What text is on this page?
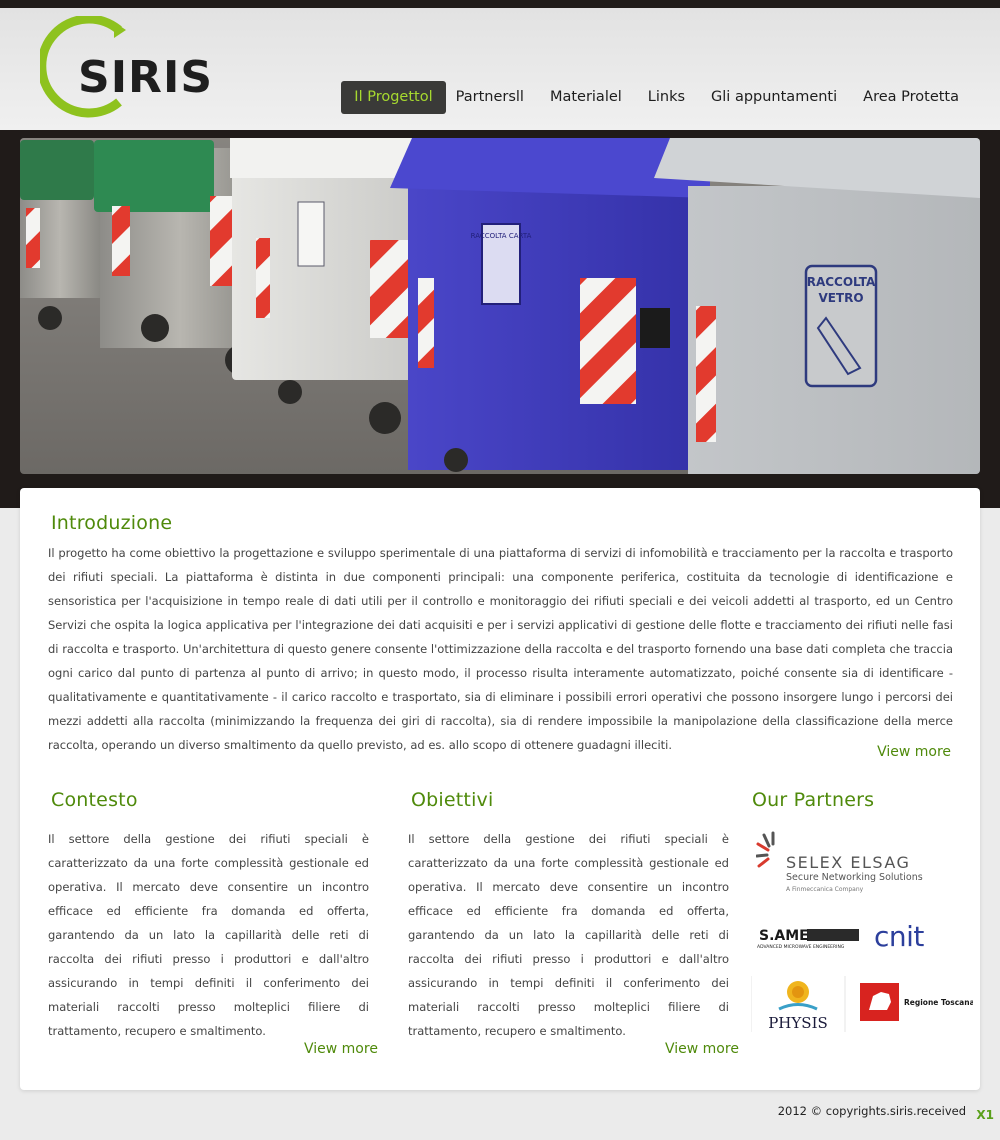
SIRIS	Il Progettol	Partnersll	Materialel	Links	Gli appuntamenti	Area Protetta
RACCOLTA CARTA
RACCOLTA
VETRO
Introduzione

Il progetto ha come obiettivo la progettazione e sviluppo sperimentale di una piattaforma di servizi di infomobilità e tracciamento per la raccolta e trasporto dei rifiuti speciali. La piattaforma è distinta in due componenti principali: una componente periferica, costituita da tecnologie di identificazione e sensoristica per l'acquisizione in tempo reale di dati utili per il controllo e monitoraggio dei rifiuti speciali e dei veicoli addetti al trasporto, ed un Centro Servizi che ospita la logica applicativa per l'integrazione dei dati acquisiti e per i servizi applicativi di gestione delle flotte e tracciamento dei rifiuti nelle fasi di raccolta e trasporto. Un'architettura di questo genere consente l'ottimizzazione della raccolta e del trasporto fornendo una base dati completa che traccia ogni carico dal punto di partenza al punto di arrivo; in questo modo, il processo risulta interamente automatizzato, poiché consente sia di identificare - qualitativamente e quantitativamente - il carico raccolto e trasportato, sia di eliminare i possibili errori operativi che possono insorgere lungo i percorsi dei mezzi addetti alla raccolta (minimizzando la frequenza dei giri di raccolta), sia di rendere impossibile la manipolazione della classificazione della merce raccolta, operando un diverso smaltimento da quello previsto, ad es. allo scopo di ottenere guadagni illeciti.	View more
Contesto

Il settore della gestione dei rifiuti speciali è caratterizzato da una forte complessità gestionale ed operativa. Il mercato deve consentire un incontro efficace ed efficiente fra domanda ed offerta, garantendo da un lato la capillarità delle reti di raccolta dei rifiuti presso i produttori e dall'altro assicurando in tempi definiti il conferimento dei materiali raccolti presso molteplici filiere di trattamento, recupero e smaltimento.

View more
Obiettivi

Il settore della gestione dei rifiuti speciali è caratterizzato da una forte complessità gestionale ed operativa. Il mercato deve consentire un incontro efficace ed efficiente fra domanda ed offerta, garantendo da un lato la capillarità delle reti di raccolta dei rifiuti presso i produttori e dall'altro assicurando in tempi definiti il conferimento dei materiali raccolti presso molteplici filiere di trattamento, recupero e smaltimento.

View more
Our Partners
SELEX ELSAG
Secure Networking Solutions
A Finmeccanica Company
S.AME
ADVANCED MICROWAVE ENGINEERING cnit
PHYSIS
Regione Toscana
2012 © copyrights.siris.received X1
